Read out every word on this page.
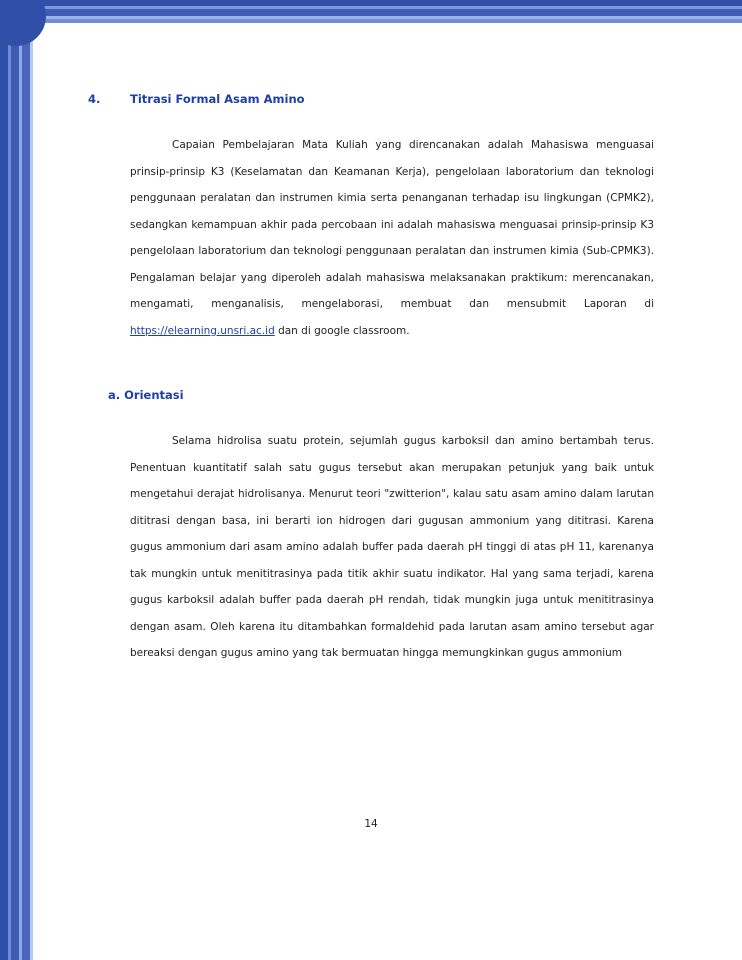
4.	Titrasi Formal Asam Amino

Capaian Pembelajaran Mata Kuliah yang direncanakan adalah Mahasiswa menguasai prinsip-prinsip K3 (Keselamatan dan Keamanan Kerja), pengelolaan laboratorium dan teknologi penggunaan peralatan dan instrumen kimia serta penanganan terhadap isu lingkungan (CPMK2), sedangkan kemampuan akhir pada percobaan ini adalah mahasiswa menguasai prinsip-prinsip K3 pengelolaan laboratorium dan teknologi penggunaan peralatan dan instrumen kimia (Sub-CPMK3). Pengalaman belajar yang diperoleh adalah mahasiswa melaksanakan praktikum: merencanakan, mengamati, menganalisis, mengelaborasi, membuat dan mensubmit Laporan di https://elearning.unsri.ac.id dan di google classroom.

a. Orientasi

Selama hidrolisa suatu protein, sejumlah gugus karboksil dan amino bertambah terus. Penentuan kuantitatif salah satu gugus tersebut akan merupakan petunjuk yang baik untuk mengetahui derajat hidrolisanya. Menurut teori "zwitterion", kalau satu asam amino dalam larutan dititrasi dengan basa, ini berarti ion hidrogen dari gugusan ammonium yang dititrasi. Karena gugus ammonium dari asam amino adalah buffer pada daerah pH tinggi di atas pH 11, karenanya tak mungkin untuk menititrasinya pada titik akhir suatu indikator. Hal yang sama terjadi, karena gugus karboksil adalah buffer pada daerah pH rendah, tidak mungkin juga untuk menititrasinya dengan asam. Oleh karena itu ditambahkan formaldehid pada larutan asam amino tersebut agar bereaksi dengan gugus amino yang tak bermuatan hingga memungkinkan gugus ammonium

14
